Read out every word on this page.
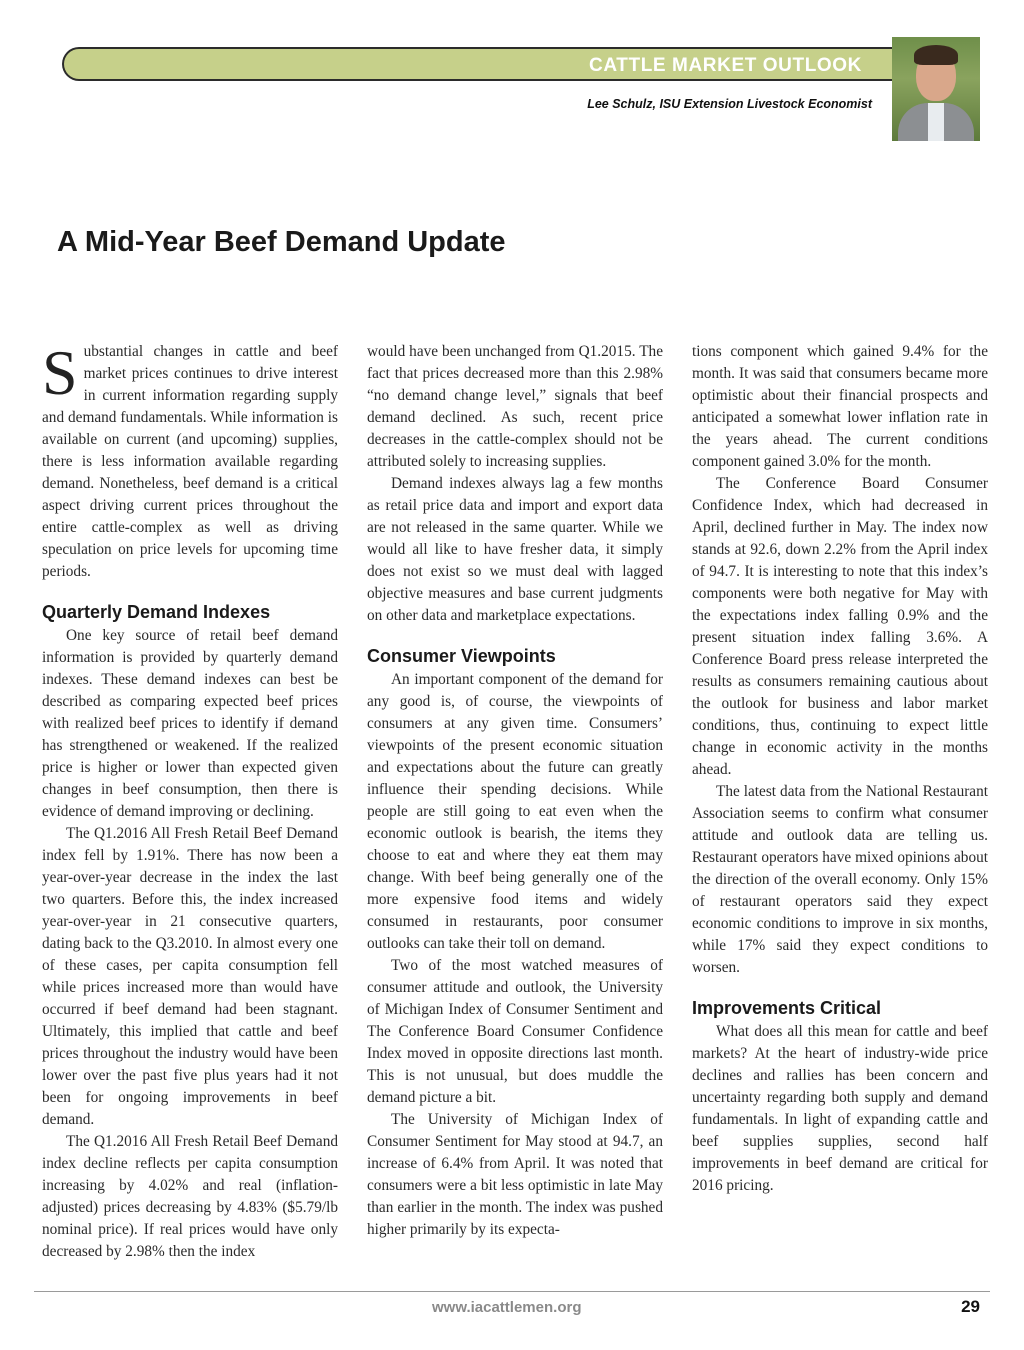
CATTLE MARKET OUTLOOK
Lee Schulz, ISU Extension Livestock Economist
A Mid-Year Beef Demand Update

Substantial changes in cattle and beef market prices continues to drive interest in current information regarding supply and demand fundamentals. While information is available on current (and upcoming) supplies, there is less information available regarding demand. Nonetheless, beef demand is a critical aspect driving current prices throughout the entire cattle-complex as well as driving speculation on price levels for upcoming time periods.

Quarterly Demand Indexes

One key source of retail beef demand information is provided by quarterly demand indexes. These demand indexes can best be described as comparing expected beef prices with realized beef prices to identify if demand has strengthened or weakened. If the realized price is higher or lower than expected given changes in beef consumption, then there is evidence of demand improving or declining.

The Q1.2016 All Fresh Retail Beef Demand index fell by 1.91%. There has now been a year-over-year decrease in the index the last two quarters. Before this, the index increased year-over-year in 21 consecutive quarters, dating back to the Q3.2010. In almost every one of these cases, per capita consumption fell while prices increased more than would have occurred if beef demand had been stagnant. Ultimately, this implied that cattle and beef prices throughout the industry would have been lower over the past five plus years had it not been for ongoing improvements in beef demand.

The Q1.2016 All Fresh Retail Beef Demand index decline reflects per capita consumption increasing by 4.02% and real (inflation-adjusted) prices decreasing by 4.83% ($5.79/lb nominal price). If real prices would have only decreased by 2.98% then the index

would have been unchanged from Q1.2015. The fact that prices decreased more than this 2.98% “no demand change level,” signals that beef demand declined. As such, recent price decreases in the cattle-complex should not be attributed solely to increasing supplies.

Demand indexes always lag a few months as retail price data and import and export data are not released in the same quarter. While we would all like to have fresher data, it simply does not exist so we must deal with lagged objective measures and base current judgments on other data and marketplace expectations.

Consumer Viewpoints

An important component of the demand for any good is, of course, the viewpoints of consumers at any given time. Consumers’ viewpoints of the present economic situation and expectations about the future can greatly influence their spending decisions. While people are still going to eat even when the economic outlook is bearish, the items they choose to eat and where they eat them may change. With beef being generally one of the more expensive food items and widely consumed in restaurants, poor consumer outlooks can take their toll on demand.

Two of the most watched measures of consumer attitude and outlook, the University of Michigan Index of Consumer Sentiment and The Conference Board Consumer Confidence Index moved in opposite directions last month. This is not unusual, but does muddle the demand picture a bit.

The University of Michigan Index of Consumer Sentiment for May stood at 94.7, an increase of 6.4% from April. It was noted that consumers were a bit less optimistic in late May than earlier in the month. The index was pushed higher primarily by its expecta-

tions component which gained 9.4% for the month. It was said that consumers became more optimistic about their financial prospects and anticipated a somewhat lower inflation rate in the years ahead. The current conditions component gained 3.0% for the month.

The Conference Board Consumer Confidence Index, which had decreased in April, declined further in May. The index now stands at 92.6, down 2.2% from the April index of 94.7. It is interesting to note that this index’s components were both negative for May with the expectations index falling 0.9% and the present situation index falling 3.6%. A Conference Board press release interpreted the results as consumers remaining cautious about the outlook for business and labor market conditions, thus, continuing to expect little change in economic activity in the months ahead.

The latest data from the National Restaurant Association seems to confirm what consumer attitude and outlook data are telling us. Restaurant operators have mixed opinions about the direction of the overall economy. Only 15% of restaurant operators said they expect economic conditions to improve in six months, while 17% said they expect conditions to worsen.

Improvements Critical

What does all this mean for cattle and beef markets? At the heart of industry-wide price declines and rallies has been concern and uncertainty regarding both supply and demand fundamentals. In light of expanding cattle and beef supplies supplies, second half improvements in beef demand are critical for 2016 pricing.

www.iacattlemen.org	29
